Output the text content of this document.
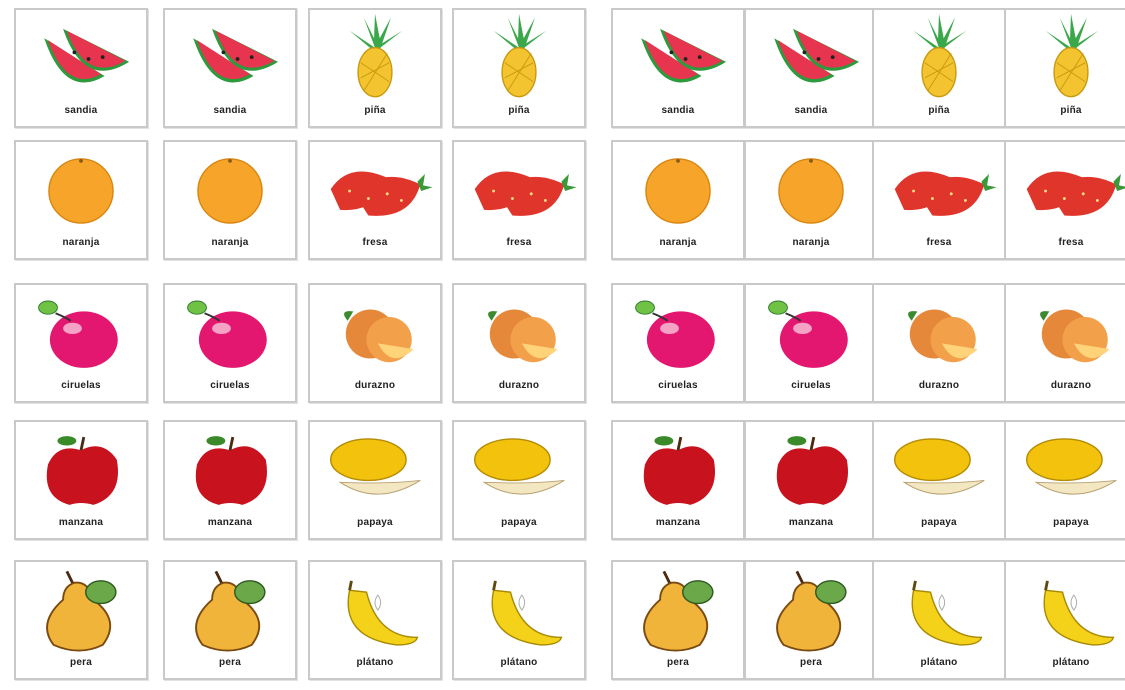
sandia	sandia	piña	piña	sandia	sandia	piña	piña
naranja	naranja	fresa	fresa	naranja	naranja	fresa	fresa
ciruelas	ciruelas	durazno	durazno	ciruelas	ciruelas	durazno	durazno
manzana	manzana	papaya	papaya	manzana	manzana	papaya	papaya
pera	pera	plátano	plátano	pera	pera	plátano	plátano
